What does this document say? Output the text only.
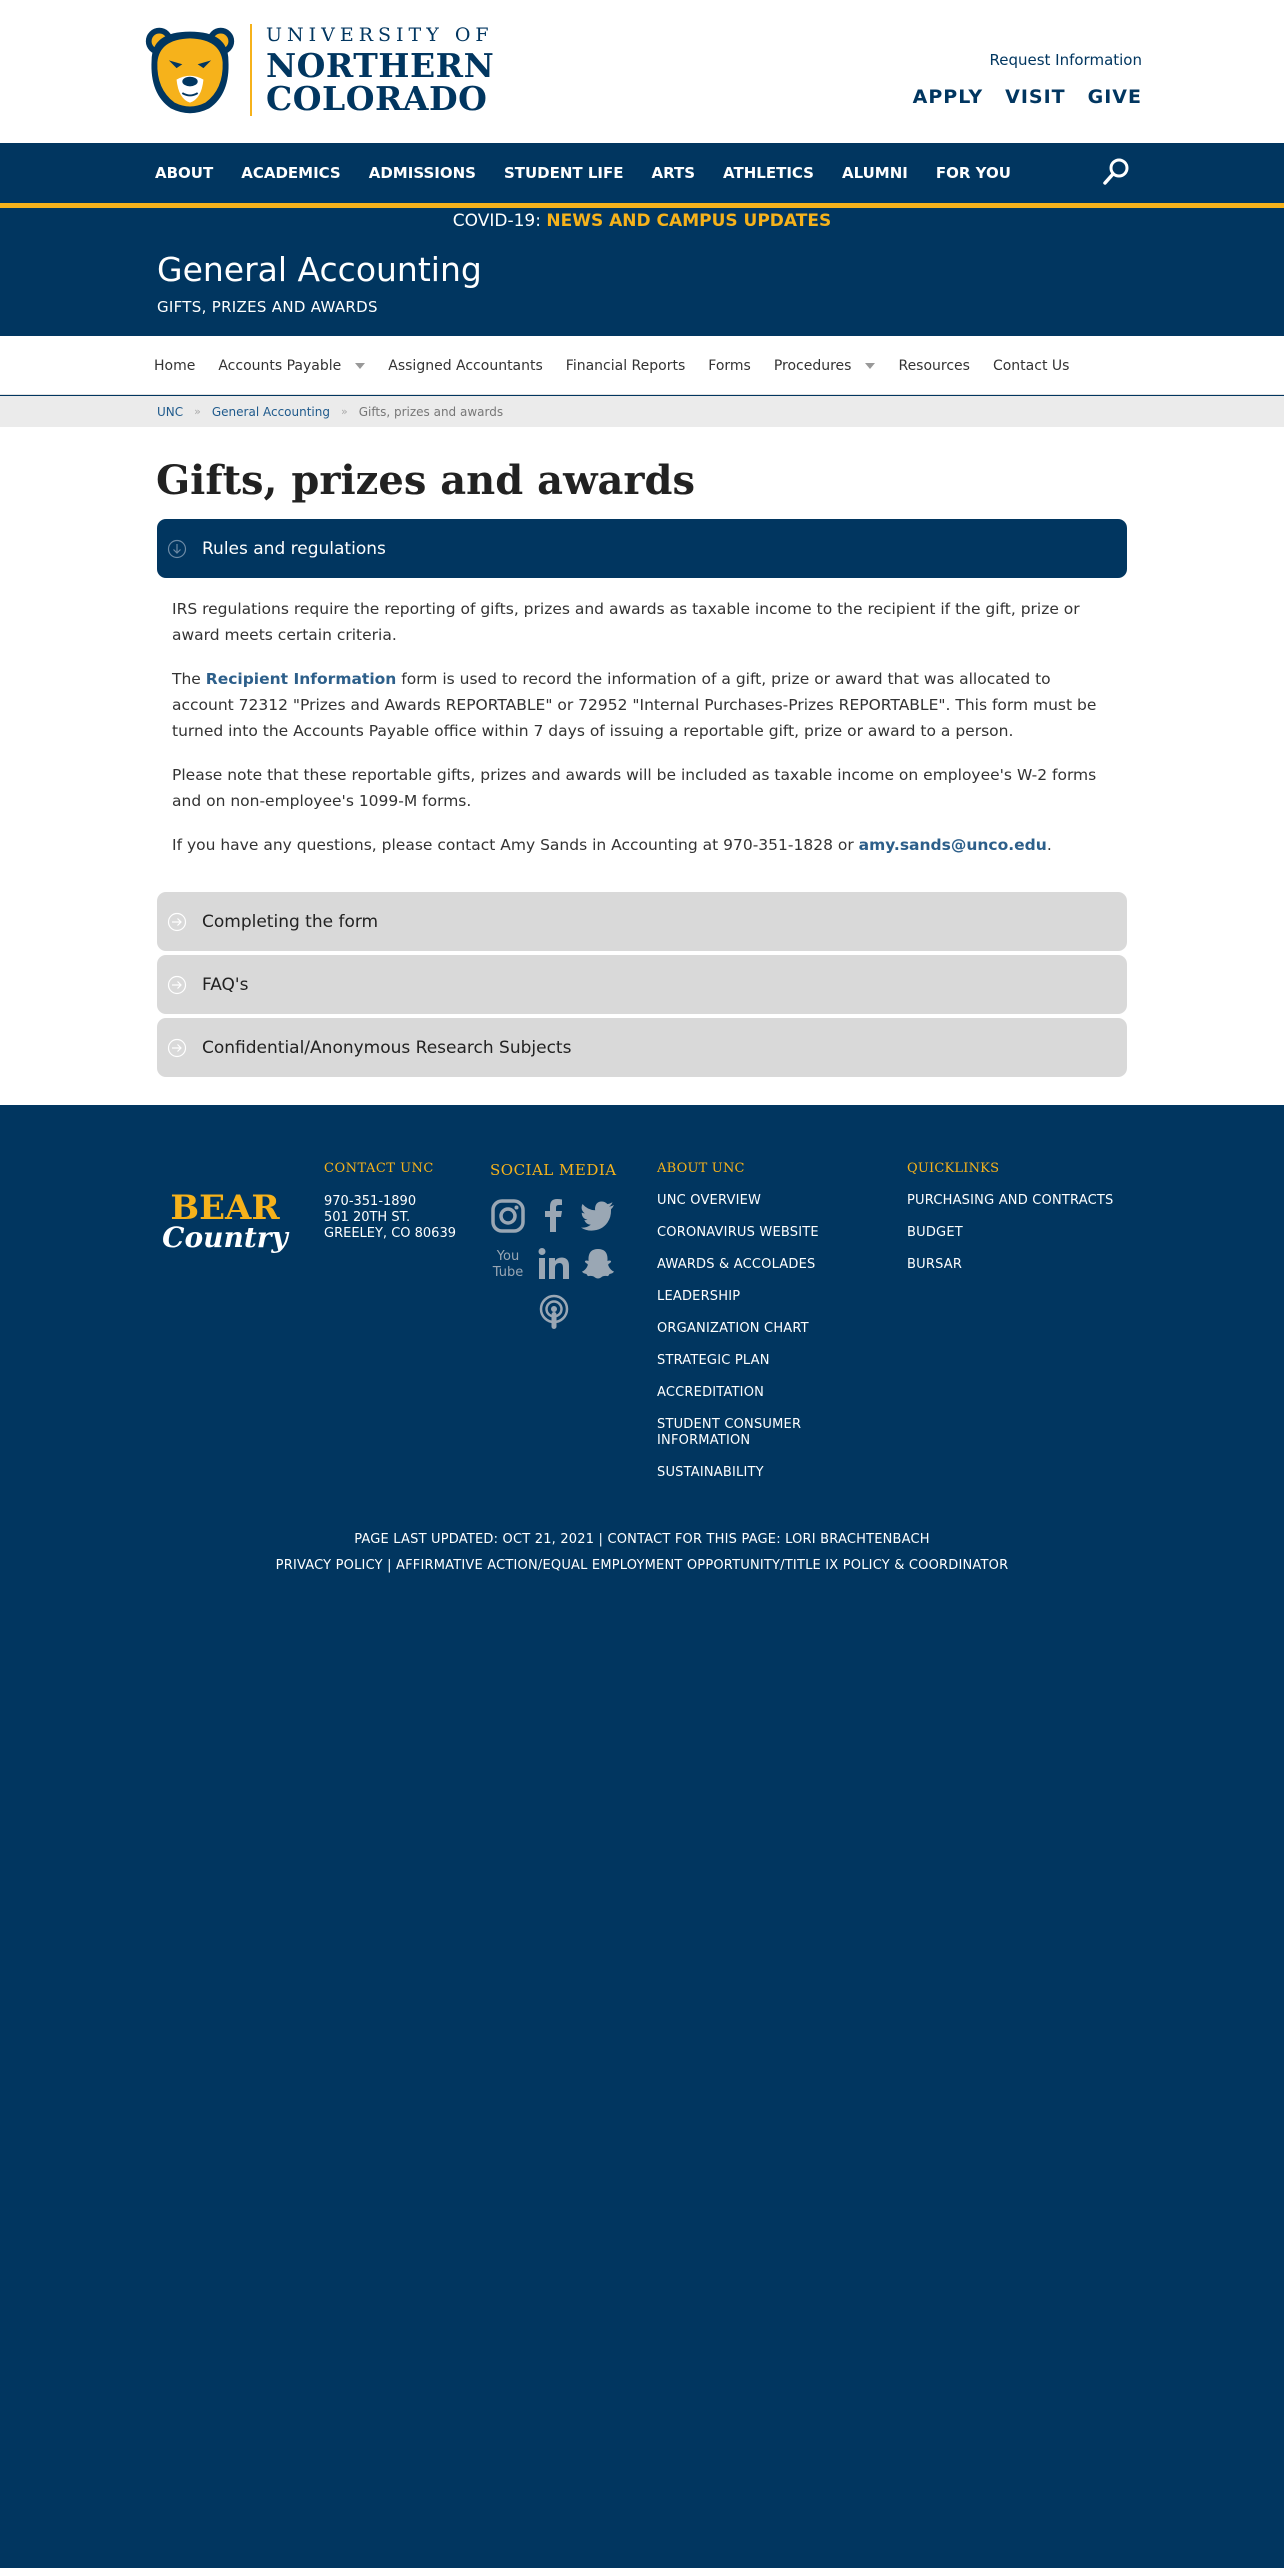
UNIVERSITY OF
NORTHERN
COLORADO
Request Information
APPLY VISIT GIVE
ABOUT ACADEMICS ADMISSIONS STUDENT LIFE ARTS ATHLETICS ALUMNI FOR YOU
COVID-19: NEWS AND CAMPUS UPDATES
General Accounting
GIFTS, PRIZES AND AWARDS
Home Accounts Payable	Assigned Accountants Financial Reports Forms Procedures	Resources Contact Us
UNC » General Accounting » Gifts, prizes and awards
Gifts, prizes and awards
Rules and regulations

IRS regulations require the reporting of gifts, prizes and awards as taxable income to the recipient if the gift, prize or award meets certain criteria.

The Recipient Information form is used to record the information of a gift, prize or award that was allocated to account 72312 "Prizes and Awards REPORTABLE" or 72952 "Internal Purchases-Prizes REPORTABLE". This form must be turned into the Accounts Payable office within 7 days of issuing a reportable gift, prize or award to a person.

Please note that these reportable gifts, prizes and awards will be included as taxable income on employee's W-2 forms and on non-employee's 1099-M forms.

If you have any questions, please contact Amy Sands in Accounting at 970-351-1828 or amy.sands@unco.edu.

Completing the form
FAQ's
Confidential/Anonymous Research Subjects
BEAR
Country
CONTACT UNC
970-351-1890
501 20TH ST.
GREELEY, CO 80639
SOCIAL MEDIA
You
Tube
ABOUT UNC
UNC OVERVIEW
CORONAVIRUS WEBSITE
AWARDS & ACCOLADES
LEADERSHIP
ORGANIZATION CHART
STRATEGIC PLAN
ACCREDITATION
STUDENT CONSUMER INFORMATION
SUSTAINABILITY
QUICKLINKS
PURCHASING AND CONTRACTS
BUDGET
BURSAR
PAGE LAST UPDATED: OCT 21, 2021 | CONTACT FOR THIS PAGE: LORI BRACHTENBACH
PRIVACY POLICY | AFFIRMATIVE ACTION/EQUAL EMPLOYMENT OPPORTUNITY/TITLE IX POLICY & COORDINATOR
